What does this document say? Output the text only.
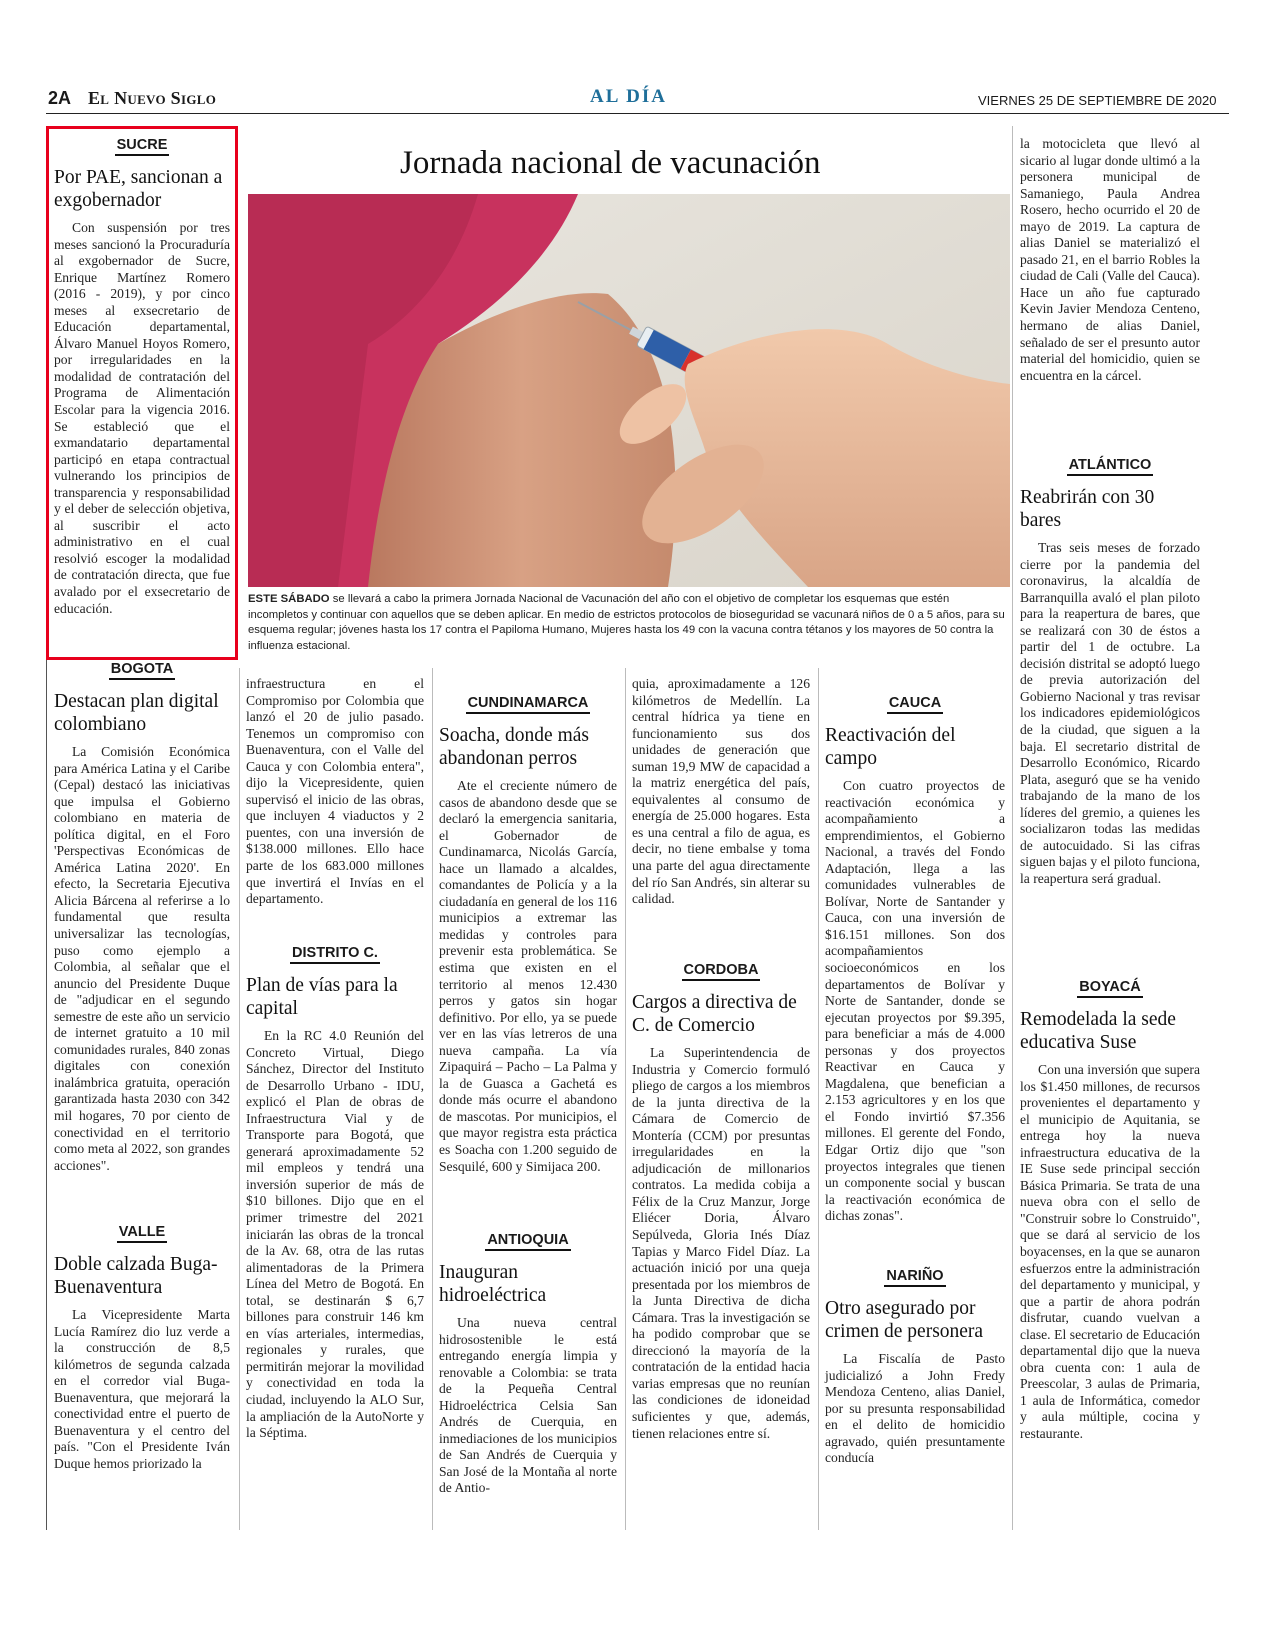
2A El Nuevo Siglo	AL DÍA	VIERNES 25 DE SEPTIEMBRE DE 2020
SUCRE
Por PAE, sancionan a exgobernador

Con suspensión por tres meses sancionó la Procuraduría al exgobernador de Sucre, Enrique Martínez Romero (2016 - 2019), y por cinco meses al exsecretario de Educación departamental, Álvaro Manuel Hoyos Romero, por irregularidades en la modalidad de contratación del Programa de Alimentación Escolar para la vigencia 2016. Se estableció que el exmandatario departamental participó en etapa contractual vulnerando los principios de transparencia y responsabilidad y el deber de selección objetiva, al suscribir el acto administrativo en el cual resolvió escoger la modalidad de contratación directa, que fue avalado por el exsecretario de educación.

BOGOTA
Destacan plan digital colombiano

La Comisión Económica para América Latina y el Caribe (Cepal) destacó las iniciativas que impulsa el Gobierno colombiano en materia de política digital, en el Foro 'Perspectivas Económicas de América Latina 2020'. En efecto, la Secretaria Ejecutiva Alicia Bárcena al referirse a lo fundamental que resulta universalizar las tecnologías, puso como ejemplo a Colombia, al señalar que el anuncio del Presidente Duque de "adjudicar en el segundo semestre de este año un servicio de internet gratuito a 10 mil comunidades rurales, 840 zonas digitales con conexión inalámbrica gratuita, operación garantizada hasta 2030 con 342 mil hogares, 70 por ciento de conectividad en el territorio como meta al 2022, son grandes acciones".

VALLE
Doble calzada Buga-Buenaventura

La Vicepresidente Marta Lucía Ramírez dio luz verde a la construcción de 8,5 kilómetros de segunda calzada en el corredor vial Buga-Buenaventura, que mejorará la conectividad entre el puerto de Buenaventura y el centro del país. "Con el Presidente Iván Duque hemos priorizado la

Jornada nacional de vacunación
ESTE SÁBADO se llevará a cabo la primera Jornada Nacional de Vacunación del año con el objetivo de completar los esquemas que estén incompletos y continuar con aquellos que se deben aplicar. En medio de estrictos protocolos de bioseguridad se vacunará niños de 0 a 5 años, para su esquema regular; jóvenes hasta los 17 contra el Papiloma Humano, Mujeres hasta los 49 con la vacuna contra tétanos y los mayores de 50 contra la influenza estacional.

infraestructura en el Compromiso por Colombia que lanzó el 20 de julio pasado. Tenemos un compromiso con Buenaventura, con el Valle del Cauca y con Colombia entera", dijo la Vicepresidente, quien supervisó el inicio de las obras, que incluyen 4 viaductos y 2 puentes, con una inversión de $138.000 millones. Ello hace parte de los 683.000 millones que invertirá el Invías en el departamento.

DISTRITO C.
Plan de vías para la capital

En la RC 4.0 Reunión del Concreto Virtual, Diego Sánchez, Director del Instituto de Desarrollo Urbano - IDU, explicó el Plan de obras de Infraestructura Vial y de Transporte para Bogotá, que generará aproximadamente 52 mil empleos y tendrá una inversión superior de más de $10 billones. Dijo que en el primer trimestre del 2021 iniciarán las obras de la troncal de la Av. 68, otra de las rutas alimentadoras de la Primera Línea del Metro de Bogotá. En total, se destinarán $ 6,7 billones para construir 146 km en vías arteriales, intermedias, regionales y rurales, que permitirán mejorar la movilidad y conectividad en toda la ciudad, incluyendo la ALO Sur, la ampliación de la AutoNorte y la Séptima.

CUNDINAMARCA
Soacha, donde más abandonan perros

Ate el creciente número de casos de abandono desde que se declaró la emergencia sanitaria, el Gobernador de Cundinamarca, Nicolás García, hace un llamado a alcaldes, comandantes de Policía y a la ciudadanía en general de los 116 municipios a extremar las medidas y controles para prevenir esta problemática. Se estima que existen en el territorio al menos 12.430 perros y gatos sin hogar definitivo. Por ello, ya se puede ver en las vías letreros de una nueva campaña. La vía Zipaquirá – Pacho – La Palma y la de Guasca a Gachetá es donde más ocurre el abandono de mascotas. Por municipios, el que mayor registra esta práctica es Soacha con 1.200 seguido de Sesquilé, 600 y Simijaca 200.

ANTIOQUIA
Inauguran hidroeléctrica

Una nueva central hidrosostenible le está entregando energía limpia y renovable a Colombia: se trata de la Pequeña Central Hidroeléctrica Celsia San Andrés de Cuerquia, en inmediaciones de los municipios de San Andrés de Cuerquia y San José de la Montaña al norte de Antio-

quia, aproximadamente a 126 kilómetros de Medellín. La central hídrica ya tiene en funcionamiento sus dos unidades de generación que suman 19,9 MW de capacidad a la matriz energética del país, equivalentes al consumo de energía de 25.000 hogares. Esta es una central a filo de agua, es decir, no tiene embalse y toma una parte del agua directamente del río San Andrés, sin alterar su calidad.

CORDOBA
Cargos a directiva de C. de Comercio

La Superintendencia de Industria y Comercio formuló pliego de cargos a los miembros de la junta directiva de la Cámara de Comercio de Montería (CCM) por presuntas irregularidades en la adjudicación de millonarios contratos. La medida cobija a Félix de la Cruz Manzur, Jorge Eliécer Doria, Álvaro Sepúlveda, Gloria Inés Díaz Tapias y Marco Fidel Díaz. La actuación inició por una queja presentada por los miembros de la Junta Directiva de dicha Cámara. Tras la investigación se ha podido comprobar que se direccionó la mayoría de la contratación de la entidad hacia varias empresas que no reunían las condiciones de idoneidad suficientes y que, además, tienen relaciones entre sí.

CAUCA
Reactivación del campo

Con cuatro proyectos de reactivación económica y acompañamiento a emprendimientos, el Gobierno Nacional, a través del Fondo Adaptación, llega a las comunidades vulnerables de Bolívar, Norte de Santander y Cauca, con una inversión de $16.151 millones. Son dos acompañamientos socioeconómicos en los departamentos de Bolívar y Norte de Santander, donde se ejecutan proyectos por $9.395, para beneficiar a más de 4.000 personas y dos proyectos Reactivar en Cauca y Magdalena, que benefician a 2.153 agricultores y en los que el Fondo invirtió $7.356 millones. El gerente del Fondo, Edgar Ortiz dijo que "son proyectos integrales que tienen un componente social y buscan la reactivación económica de dichas zonas".

NARIÑO
Otro asegurado por crimen de personera

La Fiscalía de Pasto judicializó a John Fredy Mendoza Centeno, alias Daniel, por su presunta responsabilidad en el delito de homicidio agravado, quién presuntamente conducía

la motocicleta que llevó al sicario al lugar donde ultimó a la personera municipal de Samaniego, Paula Andrea Rosero, hecho ocurrido el 20 de mayo de 2019. La captura de alias Daniel se materializó el pasado 21, en el barrio Robles la ciudad de Cali (Valle del Cauca). Hace un año fue capturado Kevin Javier Mendoza Centeno, hermano de alias Daniel, señalado de ser el presunto autor material del homicidio, quien se encuentra en la cárcel.

ATLÁNTICO
Reabrirán con 30 bares

Tras seis meses de forzado cierre por la pandemia del coronavirus, la alcaldía de Barranquilla avaló el plan piloto para la reapertura de bares, que se realizará con 30 de éstos a partir del 1 de octubre. La decisión distrital se adoptó luego de previa autorización del Gobierno Nacional y tras revisar los indicadores epidemiológicos de la ciudad, que siguen a la baja. El secretario distrital de Desarrollo Económico, Ricardo Plata, aseguró que se ha venido trabajando de la mano de los líderes del gremio, a quienes les socializaron todas las medidas de autocuidado. Si las cifras siguen bajas y el piloto funciona, la reapertura será gradual.

BOYACÁ
Remodelada la sede educativa Suse

Con una inversión que supera los $1.450 millones, de recursos provenientes el departamento y el municipio de Aquitania, se entrega hoy la nueva infraestructura educativa de la IE Suse sede principal sección Básica Primaria. Se trata de una nueva obra con el sello de "Construir sobre lo Construido", que se dará al servicio de los boyacenses, en la que se aunaron esfuerzos entre la administración del departamento y municipal, y que a partir de ahora podrán disfrutar, cuando vuelvan a clase. El secretario de Educación departamental dijo que la nueva obra cuenta con: 1 aula de Preescolar, 3 aulas de Primaria, 1 aula de Informática, comedor y aula múltiple, cocina y restaurante.
